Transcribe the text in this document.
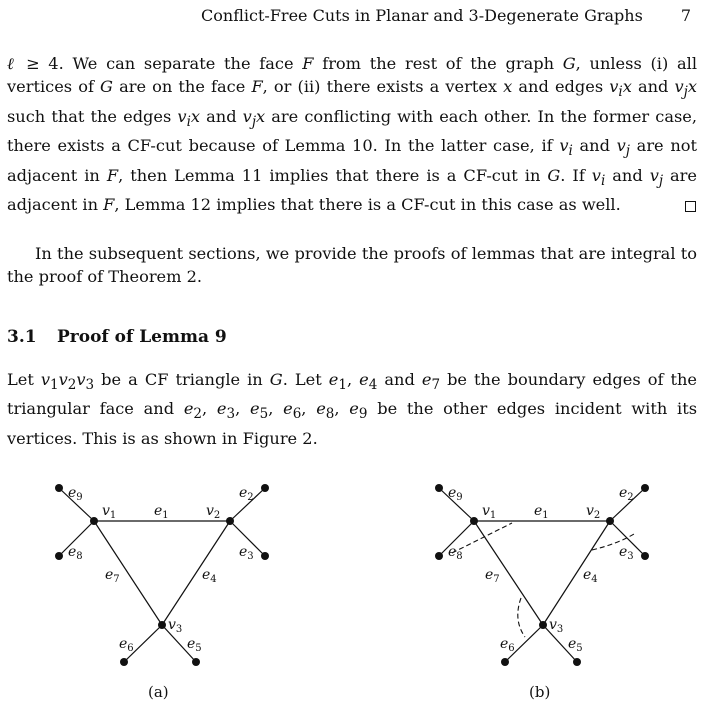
Conflict-Free Cuts in Planar and 3-Degenerate Graphs 7

ℓ ≥ 4. We can separate the face F from the rest of the graph G, unless (i) all vertices of G are on the face F, or (ii) there exists a vertex x and edges $v_ix$ and $v_jx$ such that the edges $v_ix$ and $v_jx$ are conflicting with each other. In the former case, there exists a CF-cut because of Lemma 10. In the latter case, if $v_i$ and $v_j$ are not adjacent in F, then Lemma 11 implies that there is a CF-cut in G. If $v_i$ and $v_j$ are adjacent in F, Lemma 12 implies that there is a CF-cut in this case as well.

In the subsequent sections, we provide the proofs of lemmas that are integral to the proof of Theorem 2.

3.1 Proof of Lemma 9

Let $v_1v_2v_3$ be a CF triangle in G. Let $e_1$, $e_4$ and $e_7$ be the boundary edges of the triangular face and $e_2$, $e_3$, $e_5$, $e_6$, $e_8$, $e_9$ be the other edges incident with its vertices. This is as shown in Figure 2.

$v_1$	$v_2$
$v_3$
$e_1$
$e_2$
$e_3$
$e_4$
$e_5$
$e_6$
$e_7$
$e_8$
$e_9$
(a)
$v_1$	$v_2$
$v_3$
$e_1$
$e_2$
$e_3$
$e_4$
$e_5$
$e_6$
$e_7$
$e_8$
$e_9$
(b)
